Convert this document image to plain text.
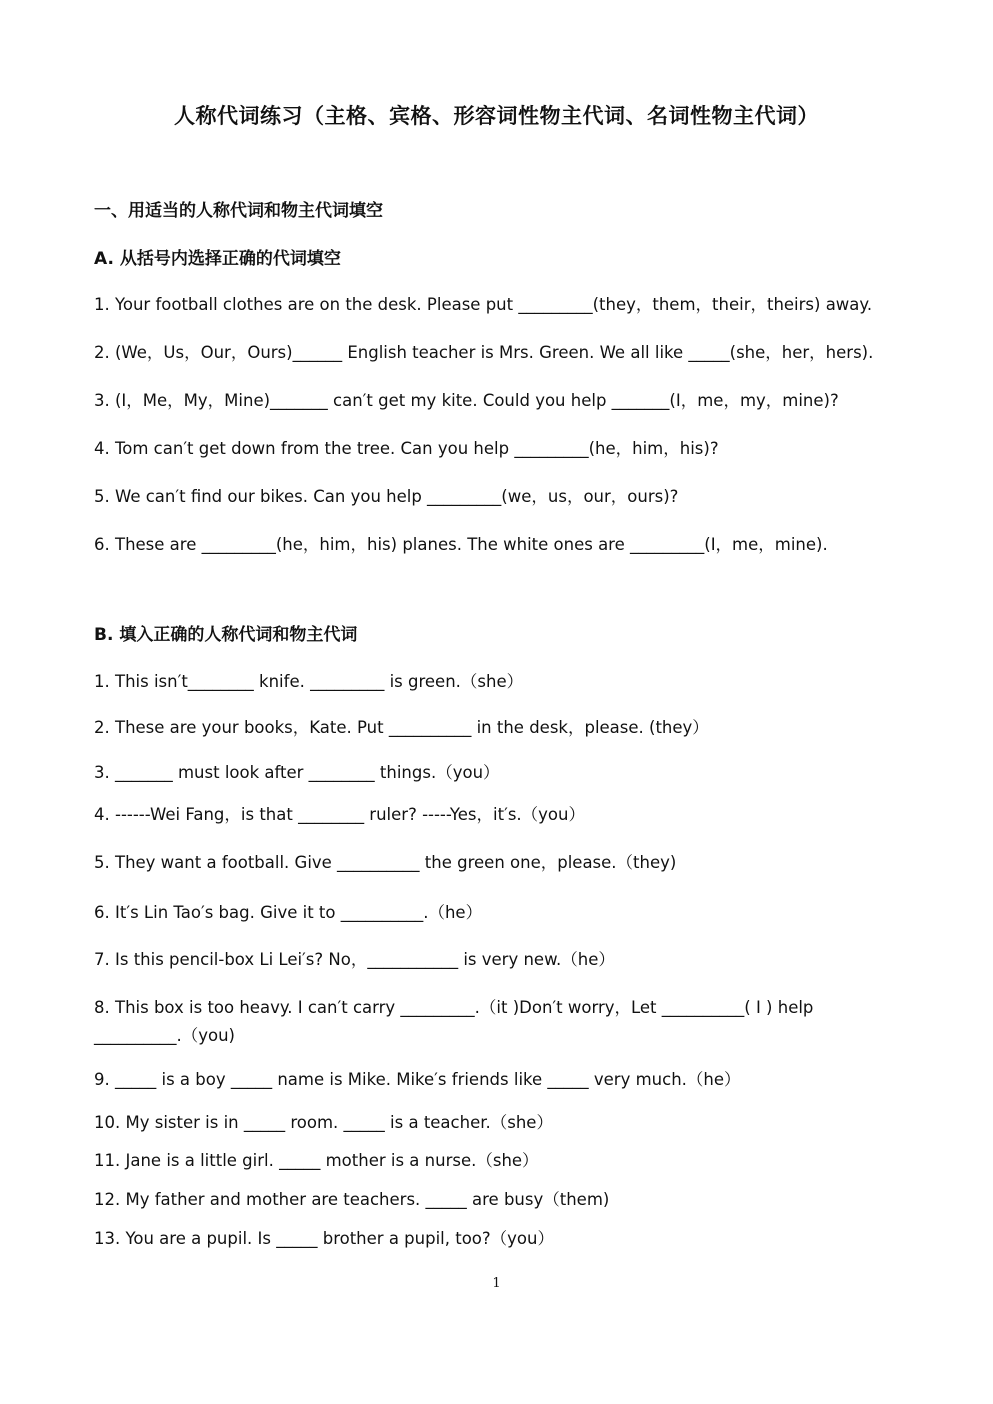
人称代词练习（主格、宾格、形容词性物主代词、名词性物主代词）
一、用适当的人称代词和物主代词填空
A. 从括号内选择正确的代词填空
1. Your football clothes are on the desk. Please put _________(they，them，their，theirs) away.
2. (We，Us，Our，Ours)______ English teacher is Mrs. Green. We all like _____(she，her，hers).
3. (I，Me，My，Mine)_______ can′t get my kite. Could you help _______(I，me，my，mine)?
4. Tom can′t get down from the tree. Can you help _________(he，him，his)?
5. We can′t find our bikes. Can you help _________(we，us，our，ours)?
6. These are _________(he，him，his) planes. The white ones are _________(I，me，mine).
B. 填入正确的人称代词和物主代词
1. This isn′t________ knife. _________ is green.（she）
2. These are your books，Kate. Put __________ in the desk，please. (they）
3. _______ must look after ________ things.（you）
4. ------Wei Fang，is that ________ ruler? -----Yes，it′s.（you）
5. They want a football. Give __________ the green one，please.（they)
6. It′s Lin Tao′s bag. Give it to __________.（he）
7. Is this pencil-box Li Lei′s? No，___________ is very new.（he）
8. This box is too heavy. I can′t carry _________.（it )Don′t worry，Let __________( I ) help
__________.（you)
9. _____ is a boy _____ name is Mike. Mike′s friends like _____ very much.（he）
10. My sister is in _____ room. _____ is a teacher.（she）
11. Jane is a little girl. _____ mother is a nurse.（she）
12. My father and mother are teachers. _____ are busy（them)
13. You are a pupil. Is _____ brother a pupil, too?（you）
1
